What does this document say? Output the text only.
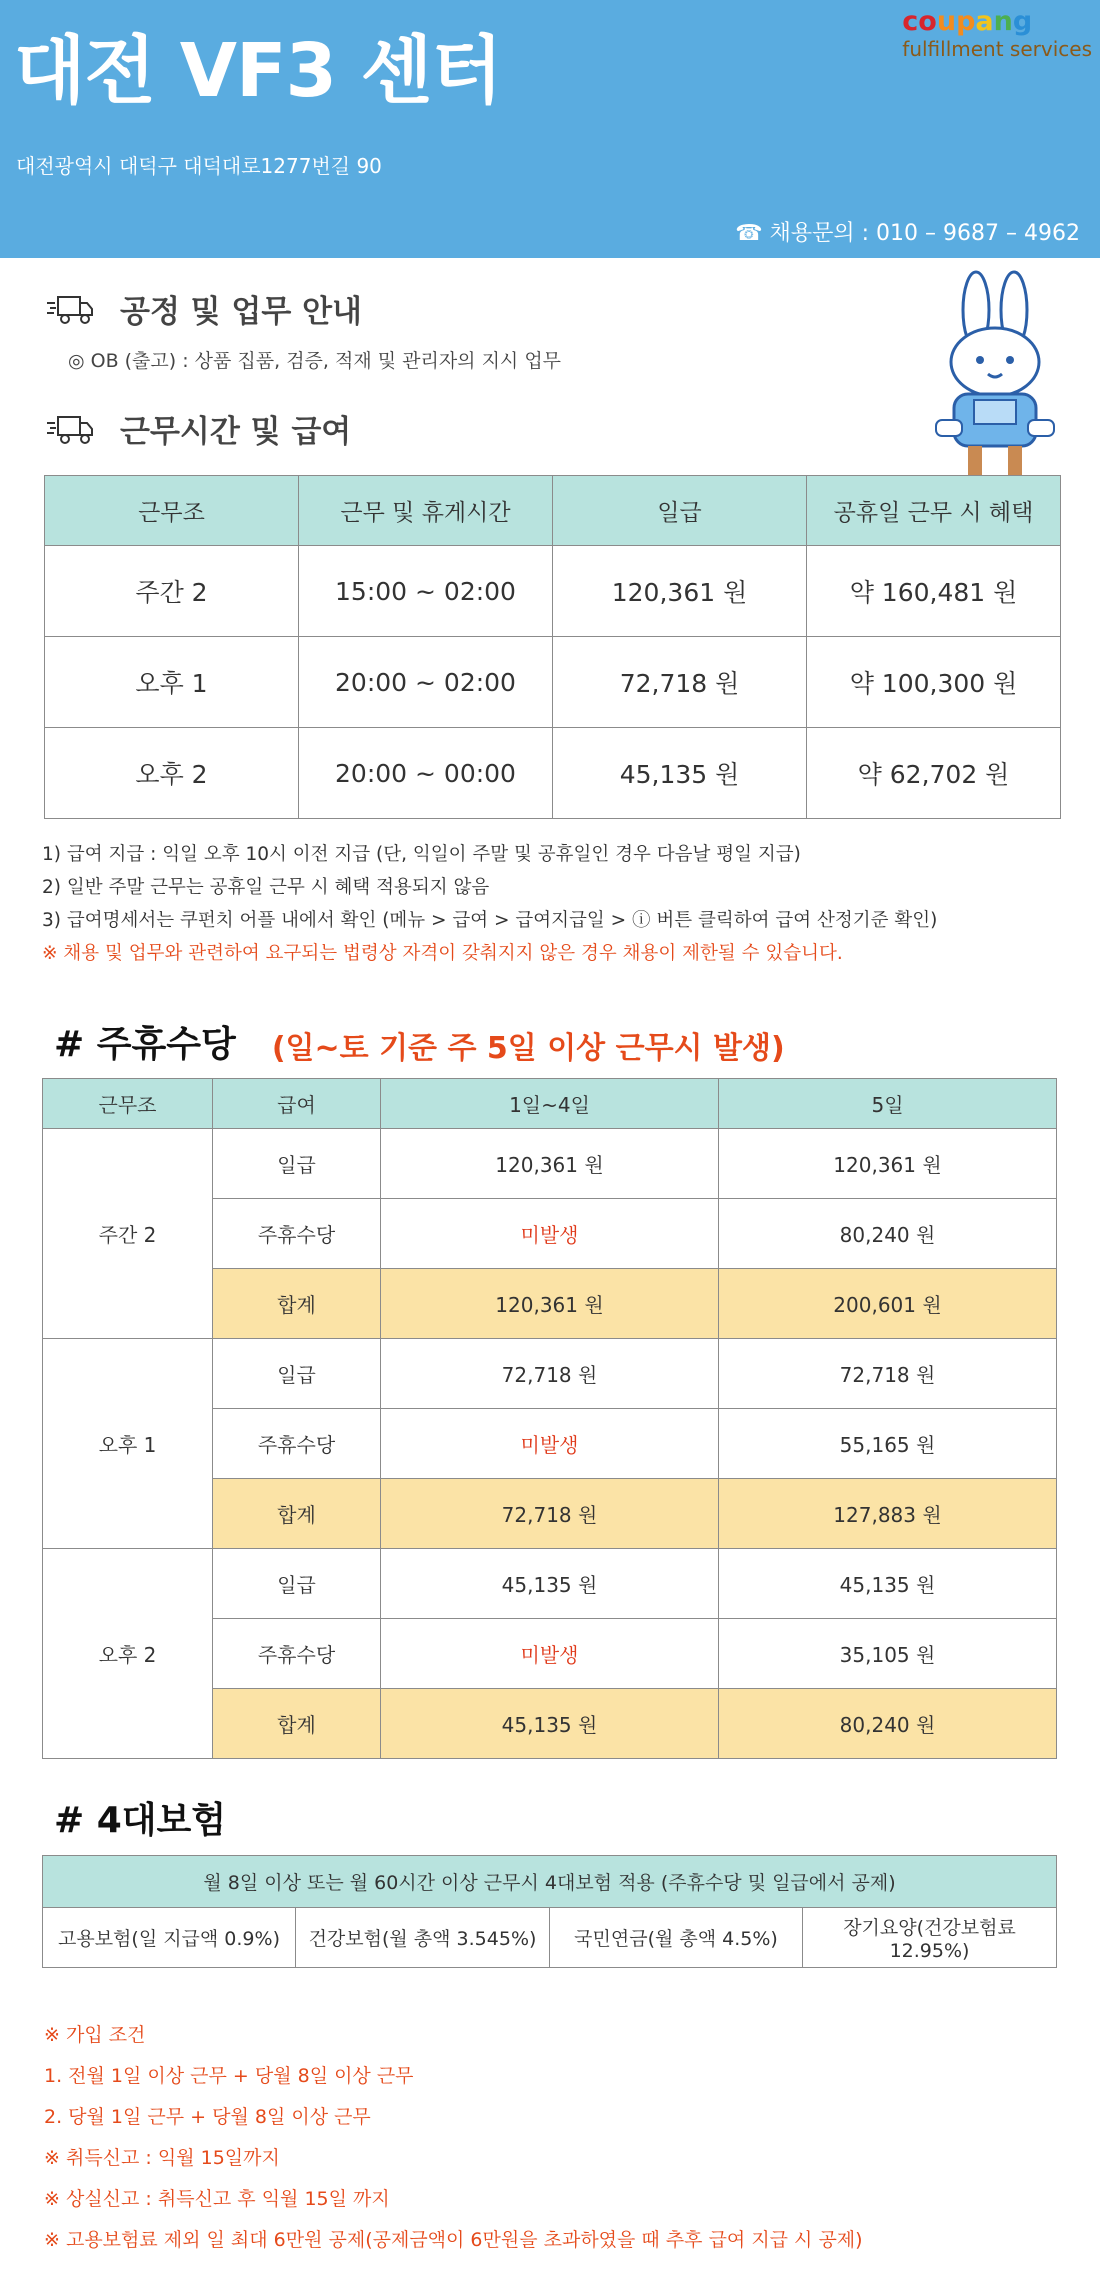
대전 VF3 센터
대전광역시 대덕구 대덕대로1277번길 90
☎ 채용문의 : 010 – 9687 – 4962
coupang
fulfillment services
공정 및 업무 안내
◎ OB (출고) : 상품 집품, 검증, 적재 및 관리자의 지시 업무
근무시간 및 급여
근무조	근무 및 휴게시간	일급	공휴일 근무 시 혜택
주간 2	15:00 ~ 02:00	120,361 원	약 160,481 원
오후 1	20:00 ~ 02:00	72,718 원	약 100,300 원
오후 2	20:00 ~ 00:00	45,135 원	약 62,702 원
1) 급여 지급 : 익일 오후 10시 이전 지급 (단, 익일이 주말 및 공휴일인 경우 다음날 평일 지급)
2) 일반 주말 근무는 공휴일 근무 시 혜택 적용되지 않음
3) 급여명세서는 쿠펀치 어플 내에서 확인 (메뉴 > 급여 > 급여지급일 > ⓘ 버튼 클릭하여 급여 산정기준 확인)
※ 채용 및 업무와 관련하여 요구되는 법령상 자격이 갖춰지지 않은 경우 채용이 제한될 수 있습니다.
# 주휴수당	(일~토 기준 주 5일 이상 근무시 발생)
근무조	급여	1일~4일	5일
주간 2	일급	120,361 원	120,361 원
	주휴수당	미발생	80,240 원
	합계	120,361 원	200,601 원
오후 1	일급	72,718 원	72,718 원
	주휴수당	미발생	55,165 원
	합계	72,718 원	127,883 원
오후 2	일급	45,135 원	45,135 원
	주휴수당	미발생	35,105 원
	합계	45,135 원	80,240 원
# 4대보험
월 8일 이상 또는 월 60시간 이상 근무시 4대보험 적용 (주휴수당 및 일급에서 공제)
고용보험(일 지급액 0.9%)	건강보험(월 총액 3.545%)	국민연금(월 총액 4.5%)	장기요양(건강보험료 12.95%)
※ 가입 조건
1. 전월 1일 이상 근무 + 당월 8일 이상 근무
2. 당월 1일 근무 + 당월 8일 이상 근무
※ 취득신고 : 익월 15일까지
※ 상실신고 : 취득신고 후 익월 15일 까지
※ 고용보험료 제외 일 최대 6만원 공제(공제금액이 6만원을 초과하였을 때 추후 급여 지급 시 공제)
